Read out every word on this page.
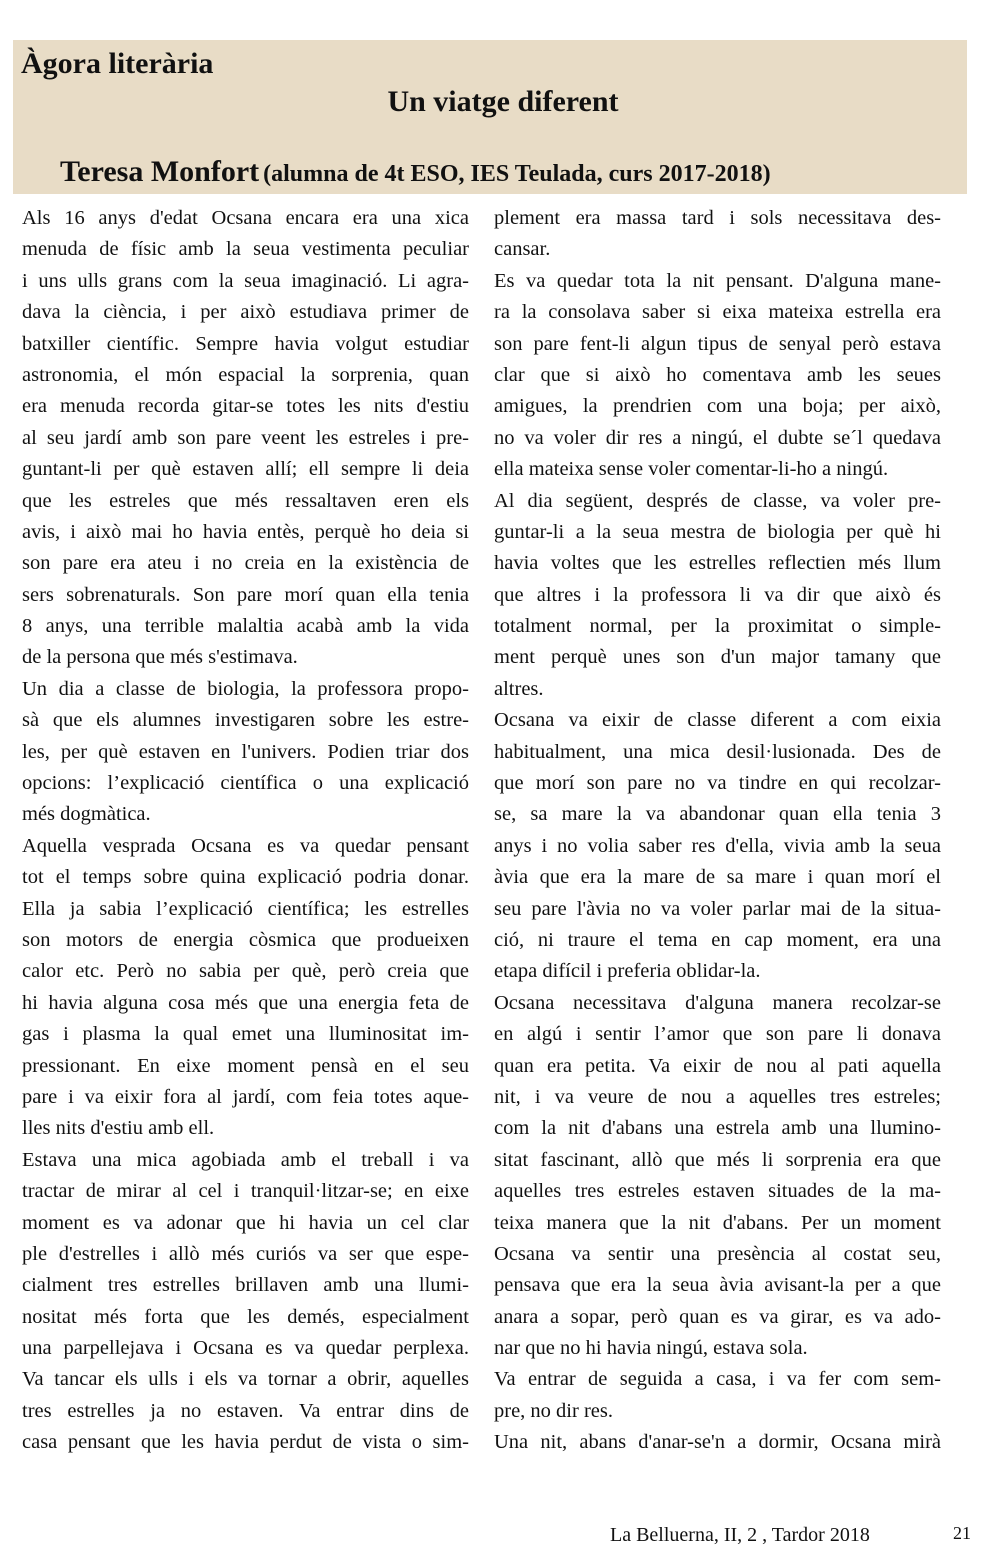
Àgora literària
Un viatge diferent
Teresa Monfort (alumna de 4t ESO, IES Teulada, curs 2017-2018)
Als 16 anys d'edat Ocsana encara era una xica
menuda de físic amb la seua vestimenta peculiar
i uns ulls grans com la seua imaginació. Li agra-
dava la ciència, i per això estudiava primer de
batxiller científic. Sempre havia volgut estudiar
astronomia, el món espacial la sorprenia, quan
era menuda recorda gitar-se totes les nits d'estiu
al seu jardí amb son pare veent les estreles i pre-
guntant-li per què estaven allí; ell sempre li deia
que les estreles que més ressaltaven eren els
avis, i això mai ho havia entès, perquè ho deia si
son pare era ateu i no creia en la existència de
sers sobrenaturals. Son pare morí quan ella tenia
8 anys, una terrible malaltia acabà amb la vida
de la persona que més s'estimava.
Un dia a classe de biologia, la professora propo-
sà que els alumnes investigaren sobre les estre-
les, per què estaven en l'univers. Podien triar dos
opcions: l’explicació científica o una explicació
més dogmàtica.
Aquella vesprada Ocsana es va quedar pensant
tot el temps sobre quina explicació podria donar.
Ella ja sabia l’explicació científica; les estrelles
son motors de energia còsmica que produeixen
calor etc. Però no sabia per què, però creia que
hi havia alguna cosa més que una energia feta de
gas i plasma la qual emet una lluminositat im-
pressionant. En eixe moment pensà en el seu
pare i va eixir fora al jardí, com feia totes aque-
lles nits d'estiu amb ell.
Estava una mica agobiada amb el treball i va
tractar de mirar al cel i tranquil·litzar-se; en eixe
moment es va adonar que hi havia un cel clar
ple d'estrelles i allò més curiós va ser que espe-
cialment tres estrelles brillaven amb una llumi-
nositat més forta que les demés, especialment
una parpellejava i Ocsana es va quedar perplexa.
Va tancar els ulls i els va tornar a obrir, aquelles
tres estrelles ja no estaven. Va entrar dins de
casa pensant que les havia perdut de vista o sim-
plement era massa tard i sols necessitava des-
cansar.
Es va quedar tota la nit pensant. D'alguna mane-
ra la consolava saber si eixa mateixa estrella era
son pare fent-li algun tipus de senyal però estava
clar que si això ho comentava amb les seues
amigues, la prendrien com una boja; per això,
no va voler dir res a ningú, el dubte se´l quedava
ella mateixa sense voler comentar-li-ho a ningú.
Al dia següent, després de classe, va voler pre-
guntar-li a la seua mestra de biologia per què hi
havia voltes que les estrelles reflectien més llum
que altres i la professora li va dir que això és
totalment normal, per la proximitat o simple-
ment perquè unes son d'un major tamany que
altres.
Ocsana va eixir de classe diferent a com eixia
habitualment, una mica desil·lusionada. Des de
que morí son pare no va tindre en qui recolzar-
se, sa mare la va abandonar quan ella tenia 3
anys i no volia saber res d'ella, vivia amb la seua
àvia que era la mare de sa mare i quan morí el
seu pare l'àvia no va voler parlar mai de la situa-
ció, ni traure el tema en cap moment, era una
etapa difícil i preferia oblidar-la.
Ocsana necessitava d'alguna manera recolzar-se
en algú i sentir l’amor que son pare li donava
quan era petita. Va eixir de nou al pati aquella
nit, i va veure de nou a aquelles tres estreles;
com la nit d'abans una estrela amb una llumino-
sitat fascinant, allò que més li sorprenia era que
aquelles tres estreles estaven situades de la ma-
teixa manera que la nit d'abans. Per un moment
Ocsana va sentir una presència al costat seu,
pensava que era la seua àvia avisant-la per a que
anara a sopar, però quan es va girar, es va ado-
nar que no hi havia ningú, estava sola.
Va entrar de seguida a casa, i va fer com sem-
pre, no dir res.
Una nit, abans d'anar-se'n a dormir, Ocsana mirà
La Belluerna, II, 2 , Tardor 2018	21
